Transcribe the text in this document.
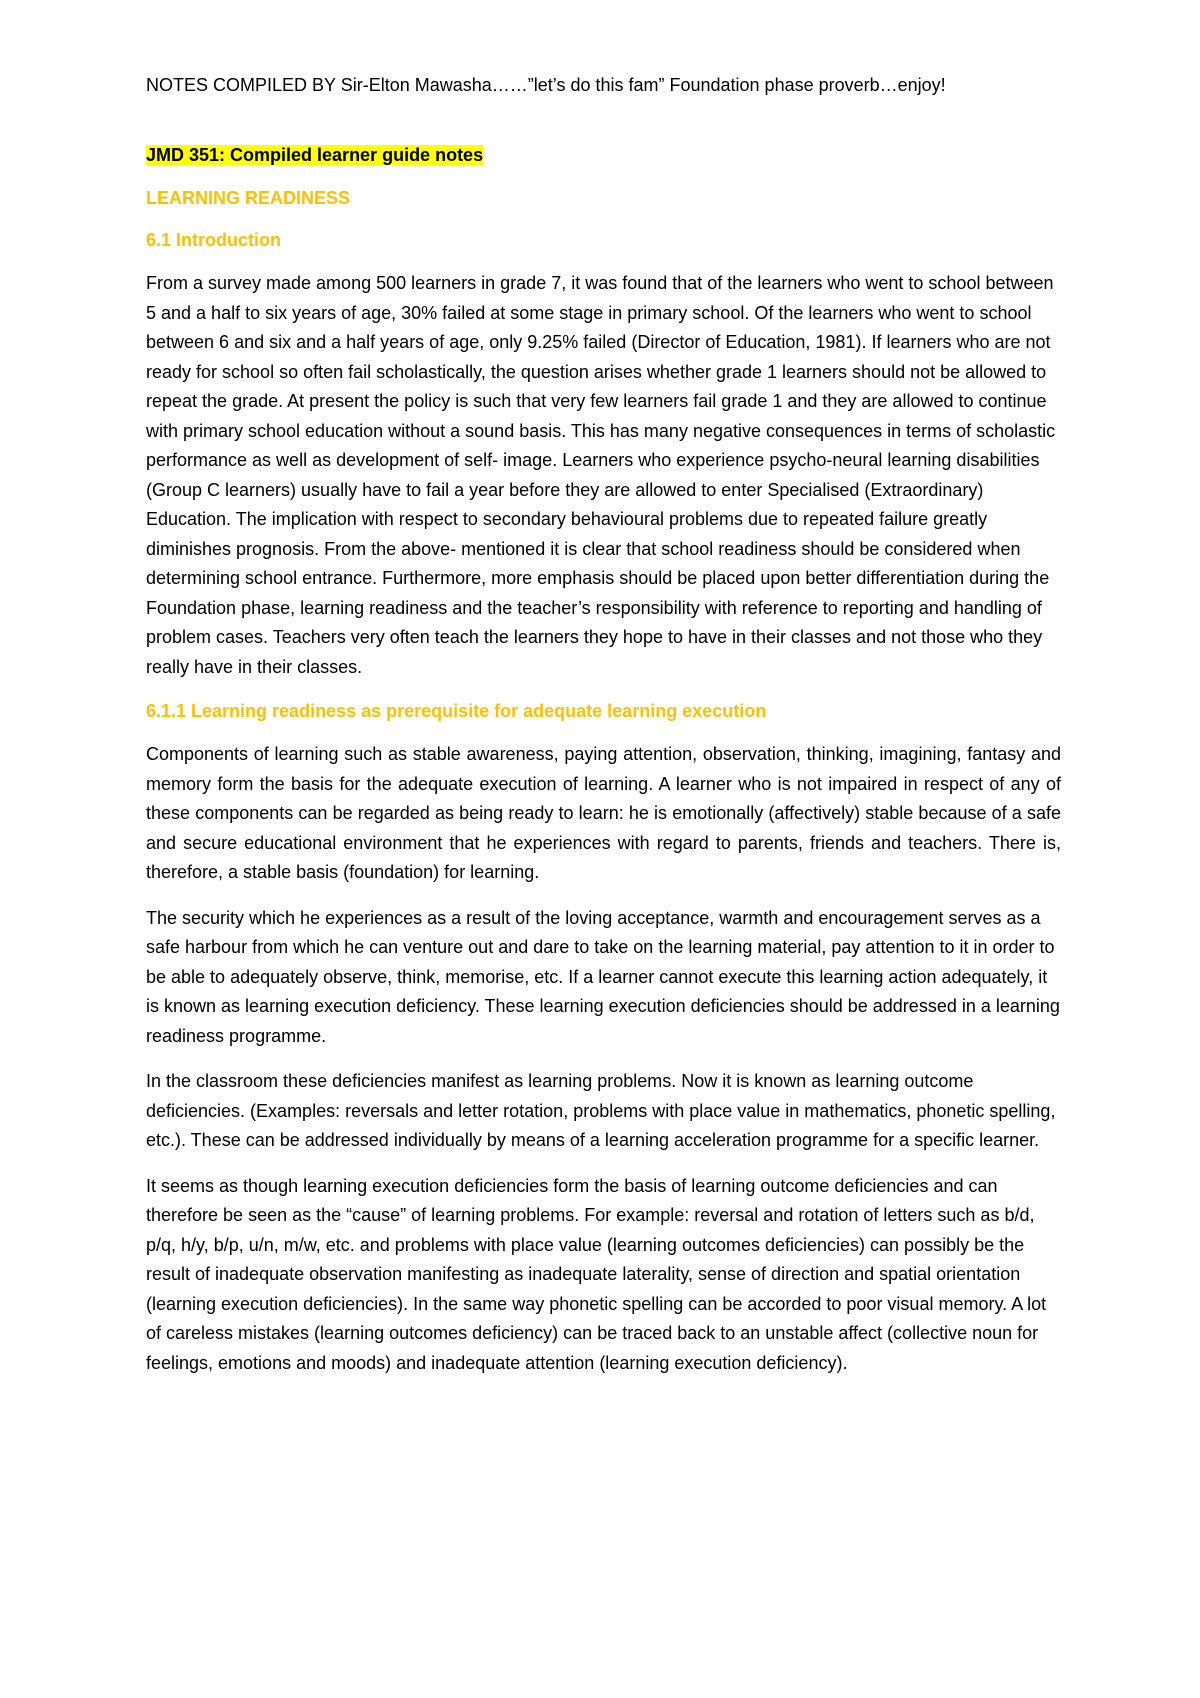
NOTES COMPILED BY Sir-Elton Mawasha……”let’s do this fam” Foundation phase proverb…enjoy!
JMD 351: Compiled learner guide notes
LEARNING READINESS
6.1 Introduction

From a survey made among 500 learners in grade 7, it was found that of the learners who went to school between 5 and a half to six years of age, 30% failed at some stage in primary school. Of the learners who went to school between 6 and six and a half years of age, only 9.25% failed (Director of Education, 1981). If learners who are not ready for school so often fail scholastically, the question arises whether grade 1 learners should not be allowed to repeat the grade. At present the policy is such that very few learners fail grade 1 and they are allowed to continue with primary school education without a sound basis. This has many negative consequences in terms of scholastic performance as well as development of self- image. Learners who experience psycho-neural learning disabilities (Group C learners) usually have to fail a year before they are allowed to enter Specialised (Extraordinary) Education. The implication with respect to secondary behavioural problems due to repeated failure greatly diminishes prognosis. From the above- mentioned it is clear that school readiness should be considered when determining school entrance. Furthermore, more emphasis should be placed upon better differentiation during the Foundation phase, learning readiness and the teacher’s responsibility with reference to reporting and handling of problem cases. Teachers very often teach the learners they hope to have in their classes and not those who they really have in their classes.

6.1.1 Learning readiness as prerequisite for adequate learning execution

Components of learning such as stable awareness, paying attention, observation, thinking, imagining, fantasy and memory form the basis for the adequate execution of learning. A learner who is not impaired in respect of any of these components can be regarded as being ready to learn: he is emotionally (affectively) stable because of a safe and secure educational environment that he experiences with regard to parents, friends and teachers. There is, therefore, a stable basis (foundation) for learning.

The security which he experiences as a result of the loving acceptance, warmth and encouragement serves as a safe harbour from which he can venture out and dare to take on the learning material, pay attention to it in order to be able to adequately observe, think, memorise, etc. If a learner cannot execute this learning action adequately, it is known as learning execution deficiency. These learning execution deficiencies should be addressed in a learning readiness programme.

In the classroom these deficiencies manifest as learning problems. Now it is known as learning outcome deficiencies. (Examples: reversals and letter rotation, problems with place value in mathematics, phonetic spelling, etc.). These can be addressed individually by means of a learning acceleration programme for a specific learner.

It seems as though learning execution deficiencies form the basis of learning outcome deficiencies and can therefore be seen as the “cause” of learning problems. For example: reversal and rotation of letters such as b/d, p/q, h/y, b/p, u/n, m/w, etc. and problems with place value (learning outcomes deficiencies) can possibly be the result of inadequate observation manifesting as inadequate laterality, sense of direction and spatial orientation (learning execution deficiencies). In the same way phonetic spelling can be accorded to poor visual memory. A lot of careless mistakes (learning outcomes deficiency) can be traced back to an unstable affect (collective noun for feelings, emotions and moods) and inadequate attention (learning execution deficiency).
